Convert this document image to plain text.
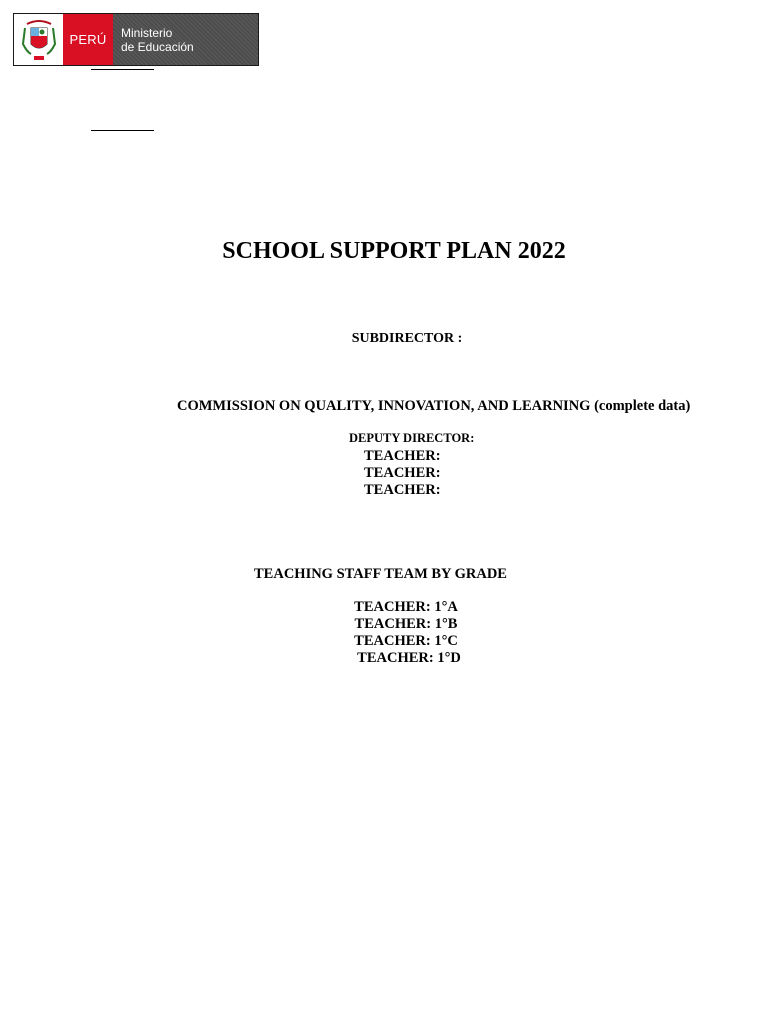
PERÚ	Ministerio
de Educación
SCHOOL SUPPORT PLAN 2022
SUBDIRECTOR :
COMMISSION ON QUALITY, INNOVATION, AND LEARNING (complete data)
DEPUTY DIRECTOR:
TEACHER:
TEACHER:
TEACHER:
TEACHING STAFF TEAM BY GRADE
TEACHER: 1°A
TEACHER: 1°B
TEACHER: 1°C
TEACHER: 1°D
